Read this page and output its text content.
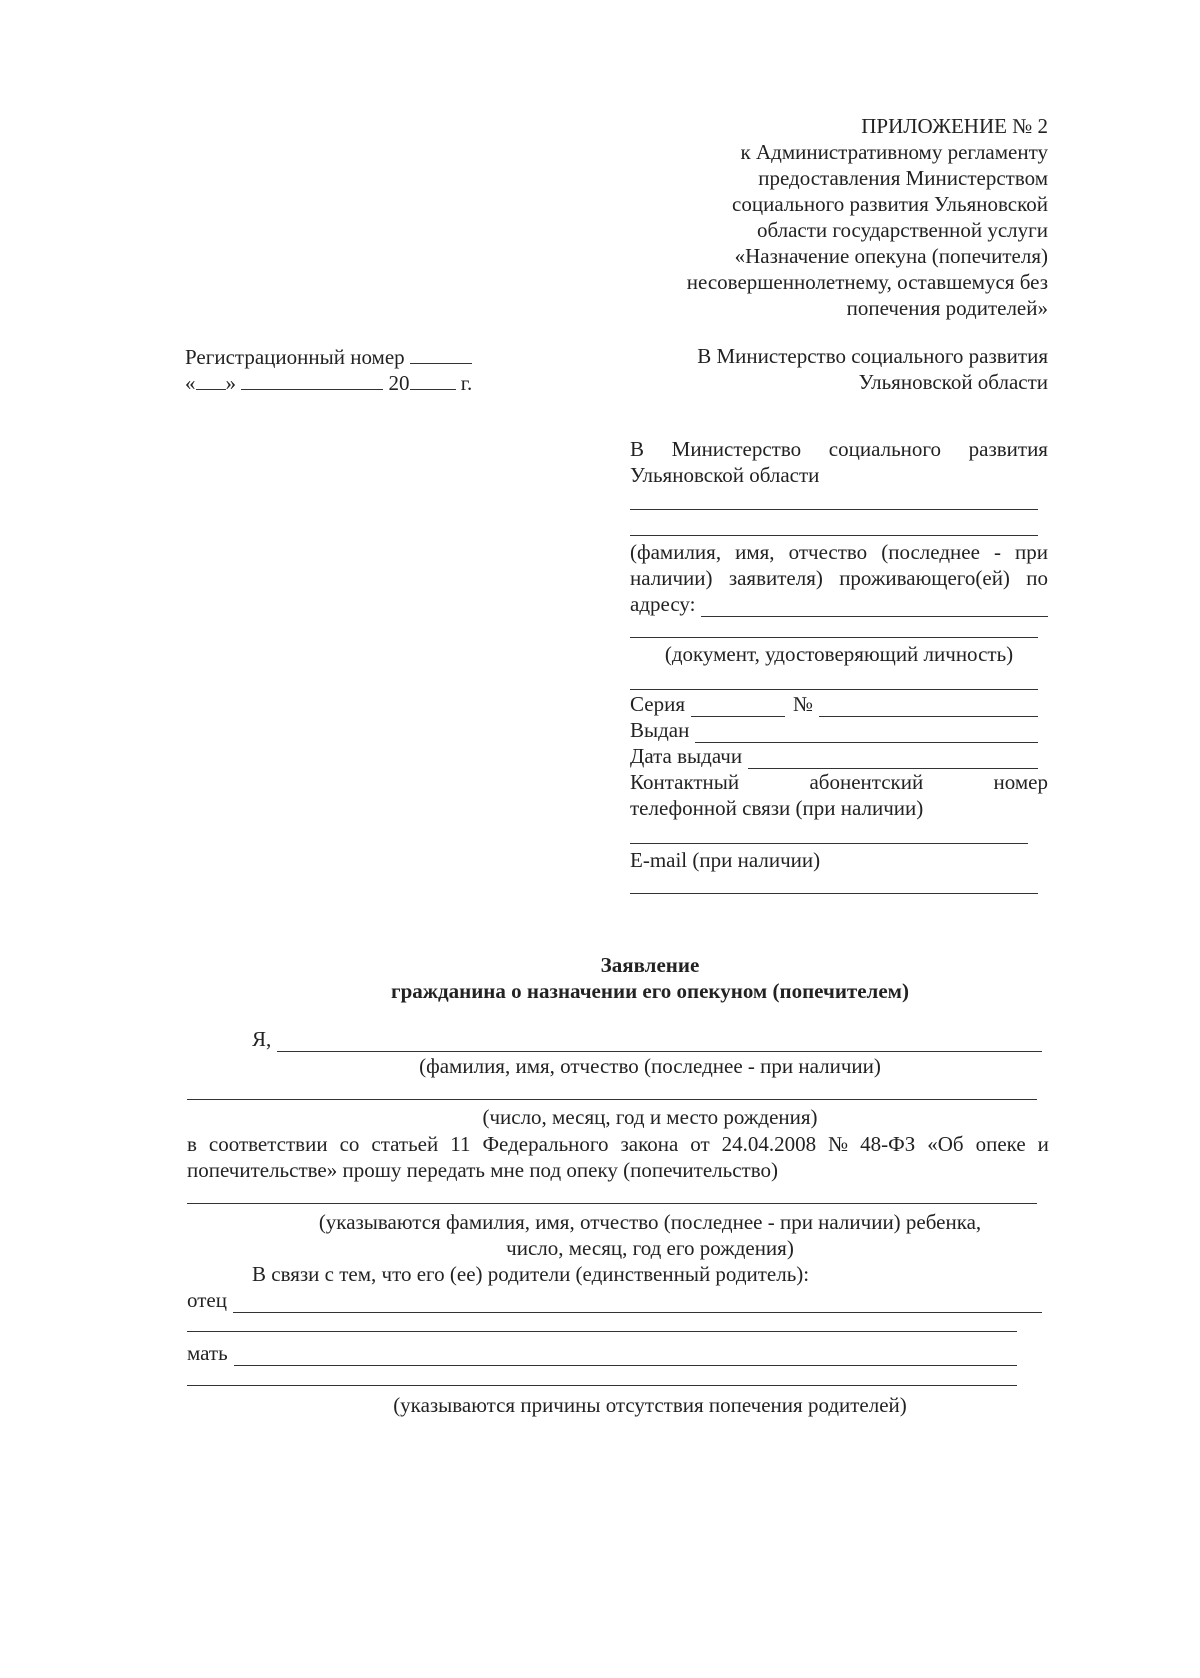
ПРИЛОЖЕНИЕ № 2
к Административному регламенту
предоставления Министерством
социального развития Ульяновской
области государственной услуги
«Назначение опекуна (попечителя)
несовершеннолетнему, оставшемуся без
попечения родителей»
Регистрационный номер
« »	20 г.
В Министерство социального развития
Ульяновской области
В Министерство социального развития
Ульяновской области
(фамилия, имя, отчество (последнее - при
наличии) заявителя) проживающего(ей) по
адресу:
(документ, удостоверяющий личность)
Серия	№
Выдан
Дата выдачи
Контактный	абонентский	номер
телефонной связи (при наличии)
E-mail (при наличии)
Заявление
гражданина о назначении его опекуном (попечителем)
Я,
(фамилия, имя, отчество (последнее - при наличии)
(число, месяц, год и место рождения)
в соответствии со статьей 11 Федерального закона от 24.04.2008 № 48-ФЗ «Об опеке и
попечительстве» прошу передать мне под опеку (попечительство)
(указываются фамилия, имя, отчество (последнее - при наличии) ребенка,
число, месяц, год его рождения)
В связи с тем, что его (ее) родители (единственный родитель):
отец
мать
(указываются причины отсутствия попечения родителей)
